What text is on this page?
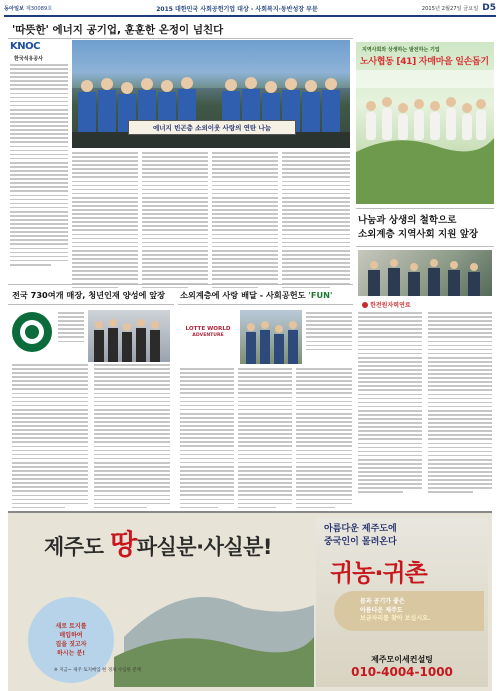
동아일보 제30089호	2015 대한민국 사회공헌기업 대상 - 사회복지·동반성장 부문	2015년 2월27일 금요일 D5
'따뜻한' 에너지 공기업, 훈훈한 온정이 넘친다
KNOC
한국석유공사
에너지 빈곤층 소외이웃 사랑의 연탄 나눔
지역사회와 상생하는 발전하는 기업
노사협동 [41] 자매마을 일손돕기
나눔과 상생의 철학으로
소외계층 지역사회 지원 앞장
한전원자력연료
전국 730여개 매장, 청년인재 양성에 앞장 소외계층에 사랑 배달 - 사회공헌도 'FUN'
LOTTE WORLD
ADVENTURE
제주도 땅파실분·사실분!
새로 토지를
매입하여
집을 짓고자
하시는 분!
※ 지금~ 제주 토지매입 현 경제 수입한 분께
아름다운 제주도에
중국인이 몰려온다
귀농·귀촌
몸과 공기가 좋은
아름다운 제주도
보금자리를 찾아 보십시요.
제주모이세컨설팅
010-4004-1000
